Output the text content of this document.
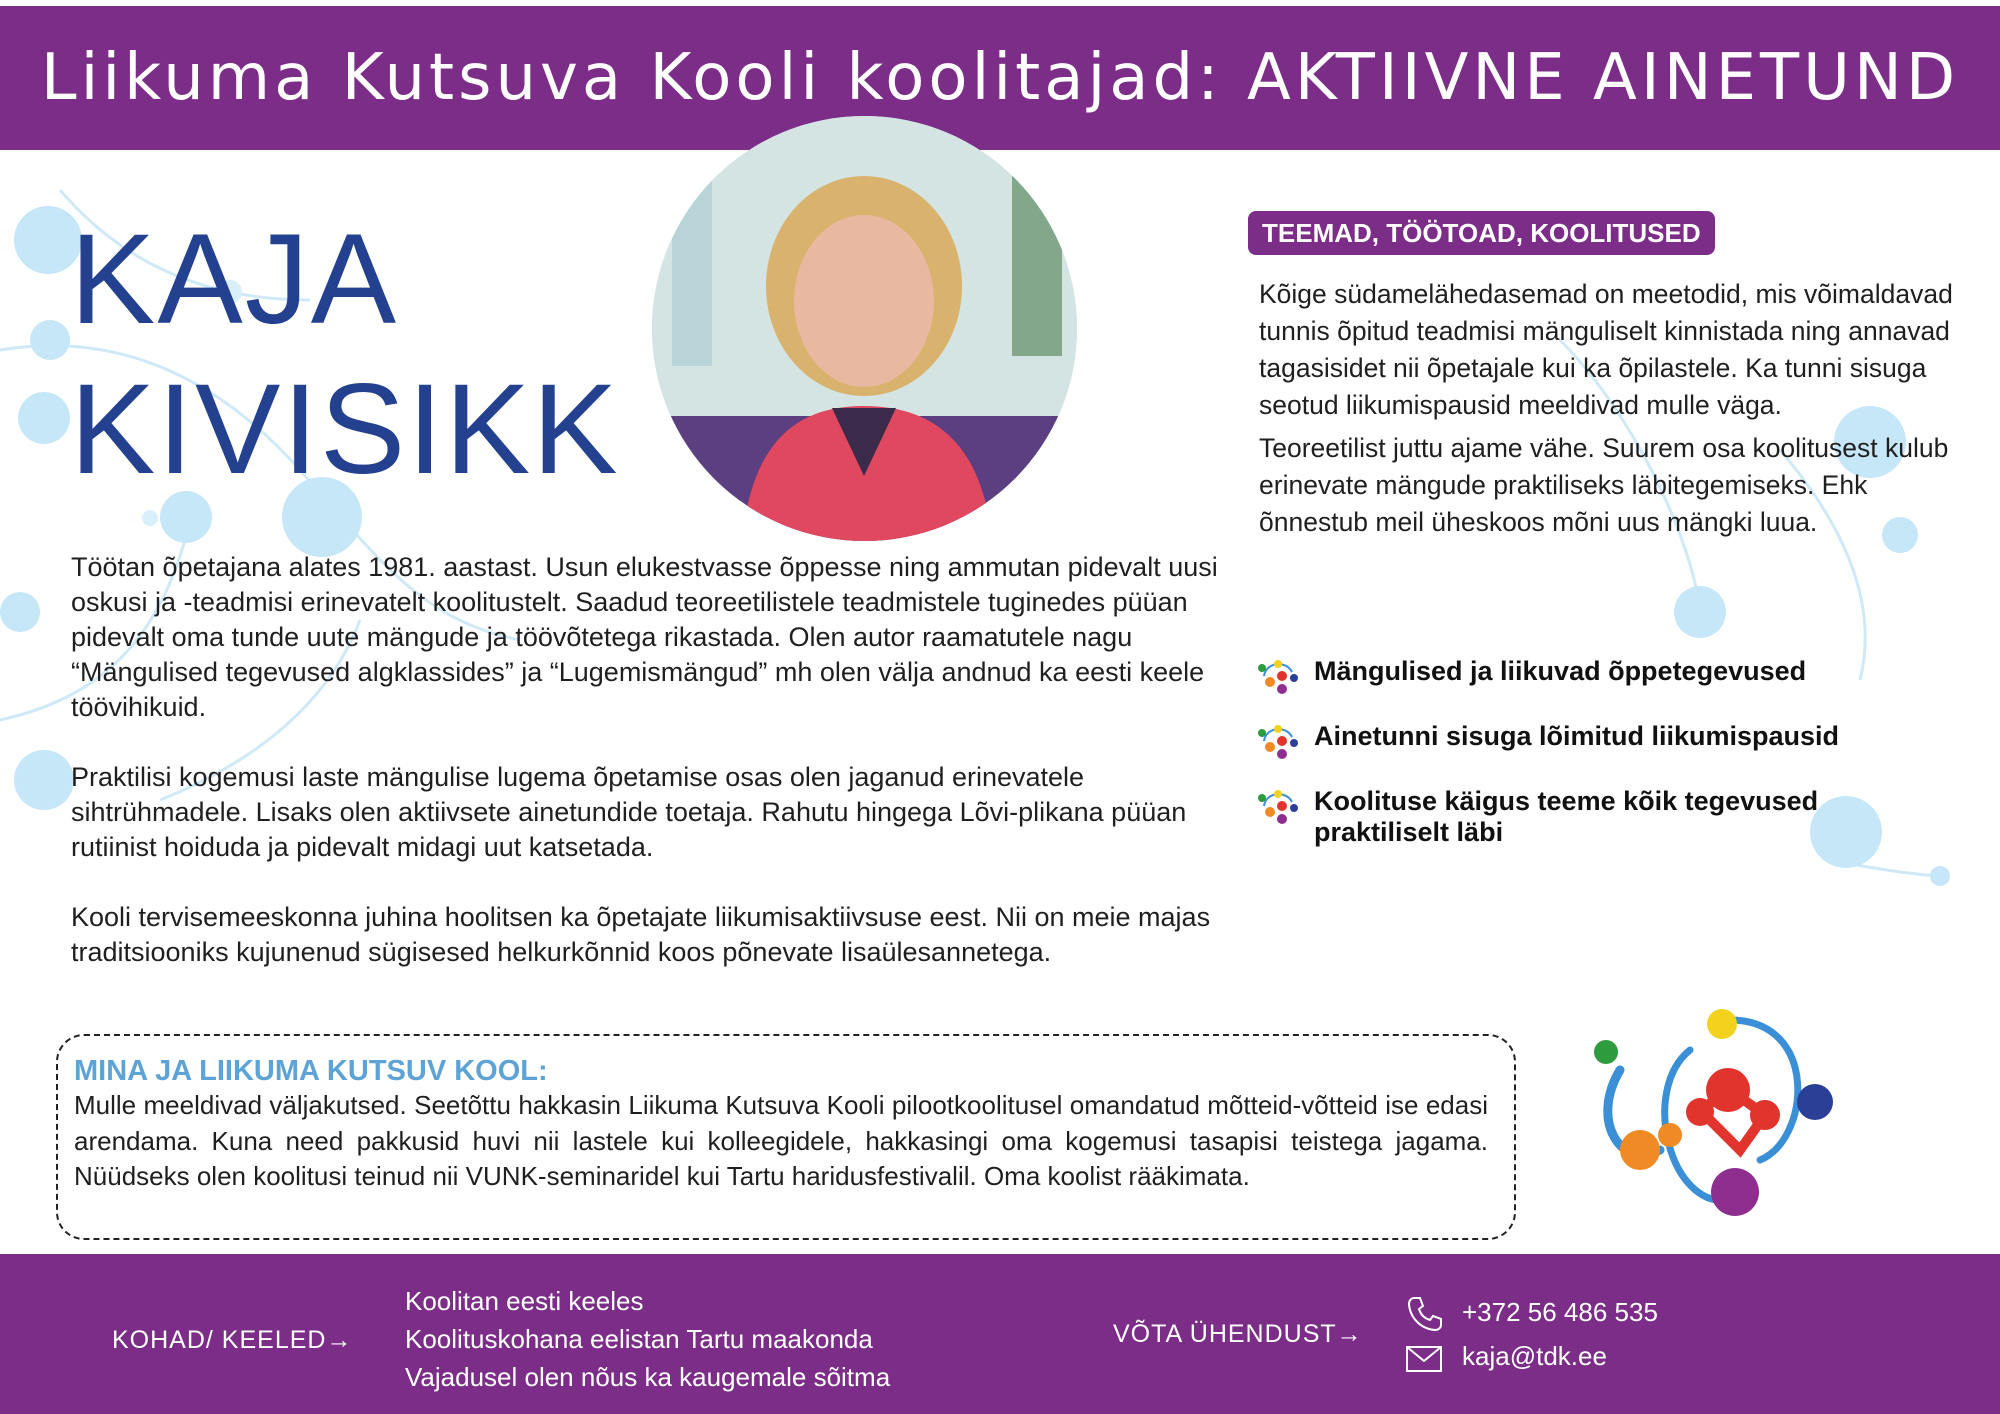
Liikuma Kutsuva Kooli koolitajad: AKTIIVNE AINETUND
KAJA
KIVISIKK

Töötan õpetajana alates 1981. aastast. Usun elukestvasse õppesse ning ammutan pidevalt uusi oskusi ja -teadmisi erinevatelt koolitustelt. Saadud teoreetilistele teadmistele tuginedes püüan pidevalt oma tunde uute mängude ja töövõtetega rikastada. Olen autor raamatutele nagu “Mängulised tegevused algklassides” ja “Lugemismängud” mh olen välja andnud ka eesti keele töövihikuid.

Praktilisi kogemusi laste mängulise lugema õpetamise osas olen jaganud erinevatele sihtrühmadele. Lisaks olen aktiivsete ainetundide toetaja. Rahutu hingega Lõvi-plikana püüan rutiinist hoiduda ja pidevalt midagi uut katsetada.

Kooli tervisemeeskonna juhina hoolitsen ka õpetajate liikumisaktiivsuse eest. Nii on meie majas traditsiooniks kujunenud sügisesed helkurkõnnid koos põnevate lisaülesannetega.

TEEMAD, TÖÖTOAD, KOOLITUSED

Kõige südamelähedasemad on meetodid, mis võimaldavad tunnis õpitud teadmisi mänguliselt kinnistada ning annavad tagasisidet nii õpetajale kui ka õpilastele. Ka tunni sisuga seotud liikumispausid meeldivad mulle väga.

Teoreetilist juttu ajame vähe. Suurem osa koolitusest kulub erinevate mängude praktiliseks läbitegemiseks. Ehk õnnestub meil üheskoos mõni uus mängki luua.

Mängulised ja liikuvad õppetegevused
Ainetunni sisuga lõimitud liikumispausid
Koolituse käigus teeme kõik tegevused praktiliselt läbi

MINA JA LIIKUMA KUTSUV KOOL:

Mulle meeldivad väljakutsed. Seetõttu hakkasin Liikuma Kutsuva Kooli pilootkoolitusel omandatud mõtteid-võtteid ise edasi arendama. Kuna need pakkusid huvi nii lastele kui kolleegidele, hakkasingi oma kogemusi tasapisi teistega jagama. Nüüdseks olen koolitusi teinud nii VUNK-seminaridel kui Tartu haridusfestivalil. Oma koolist rääkimata.

KOHAD/ KEELED→
Koolitan eesti keeles
Koolituskohana eelistan Tartu maakonda
Vajadusel olen nõus ka kaugemale sõitma
VÕTA ÜHENDUST→
+372 56 486 535
kaja@tdk.ee
